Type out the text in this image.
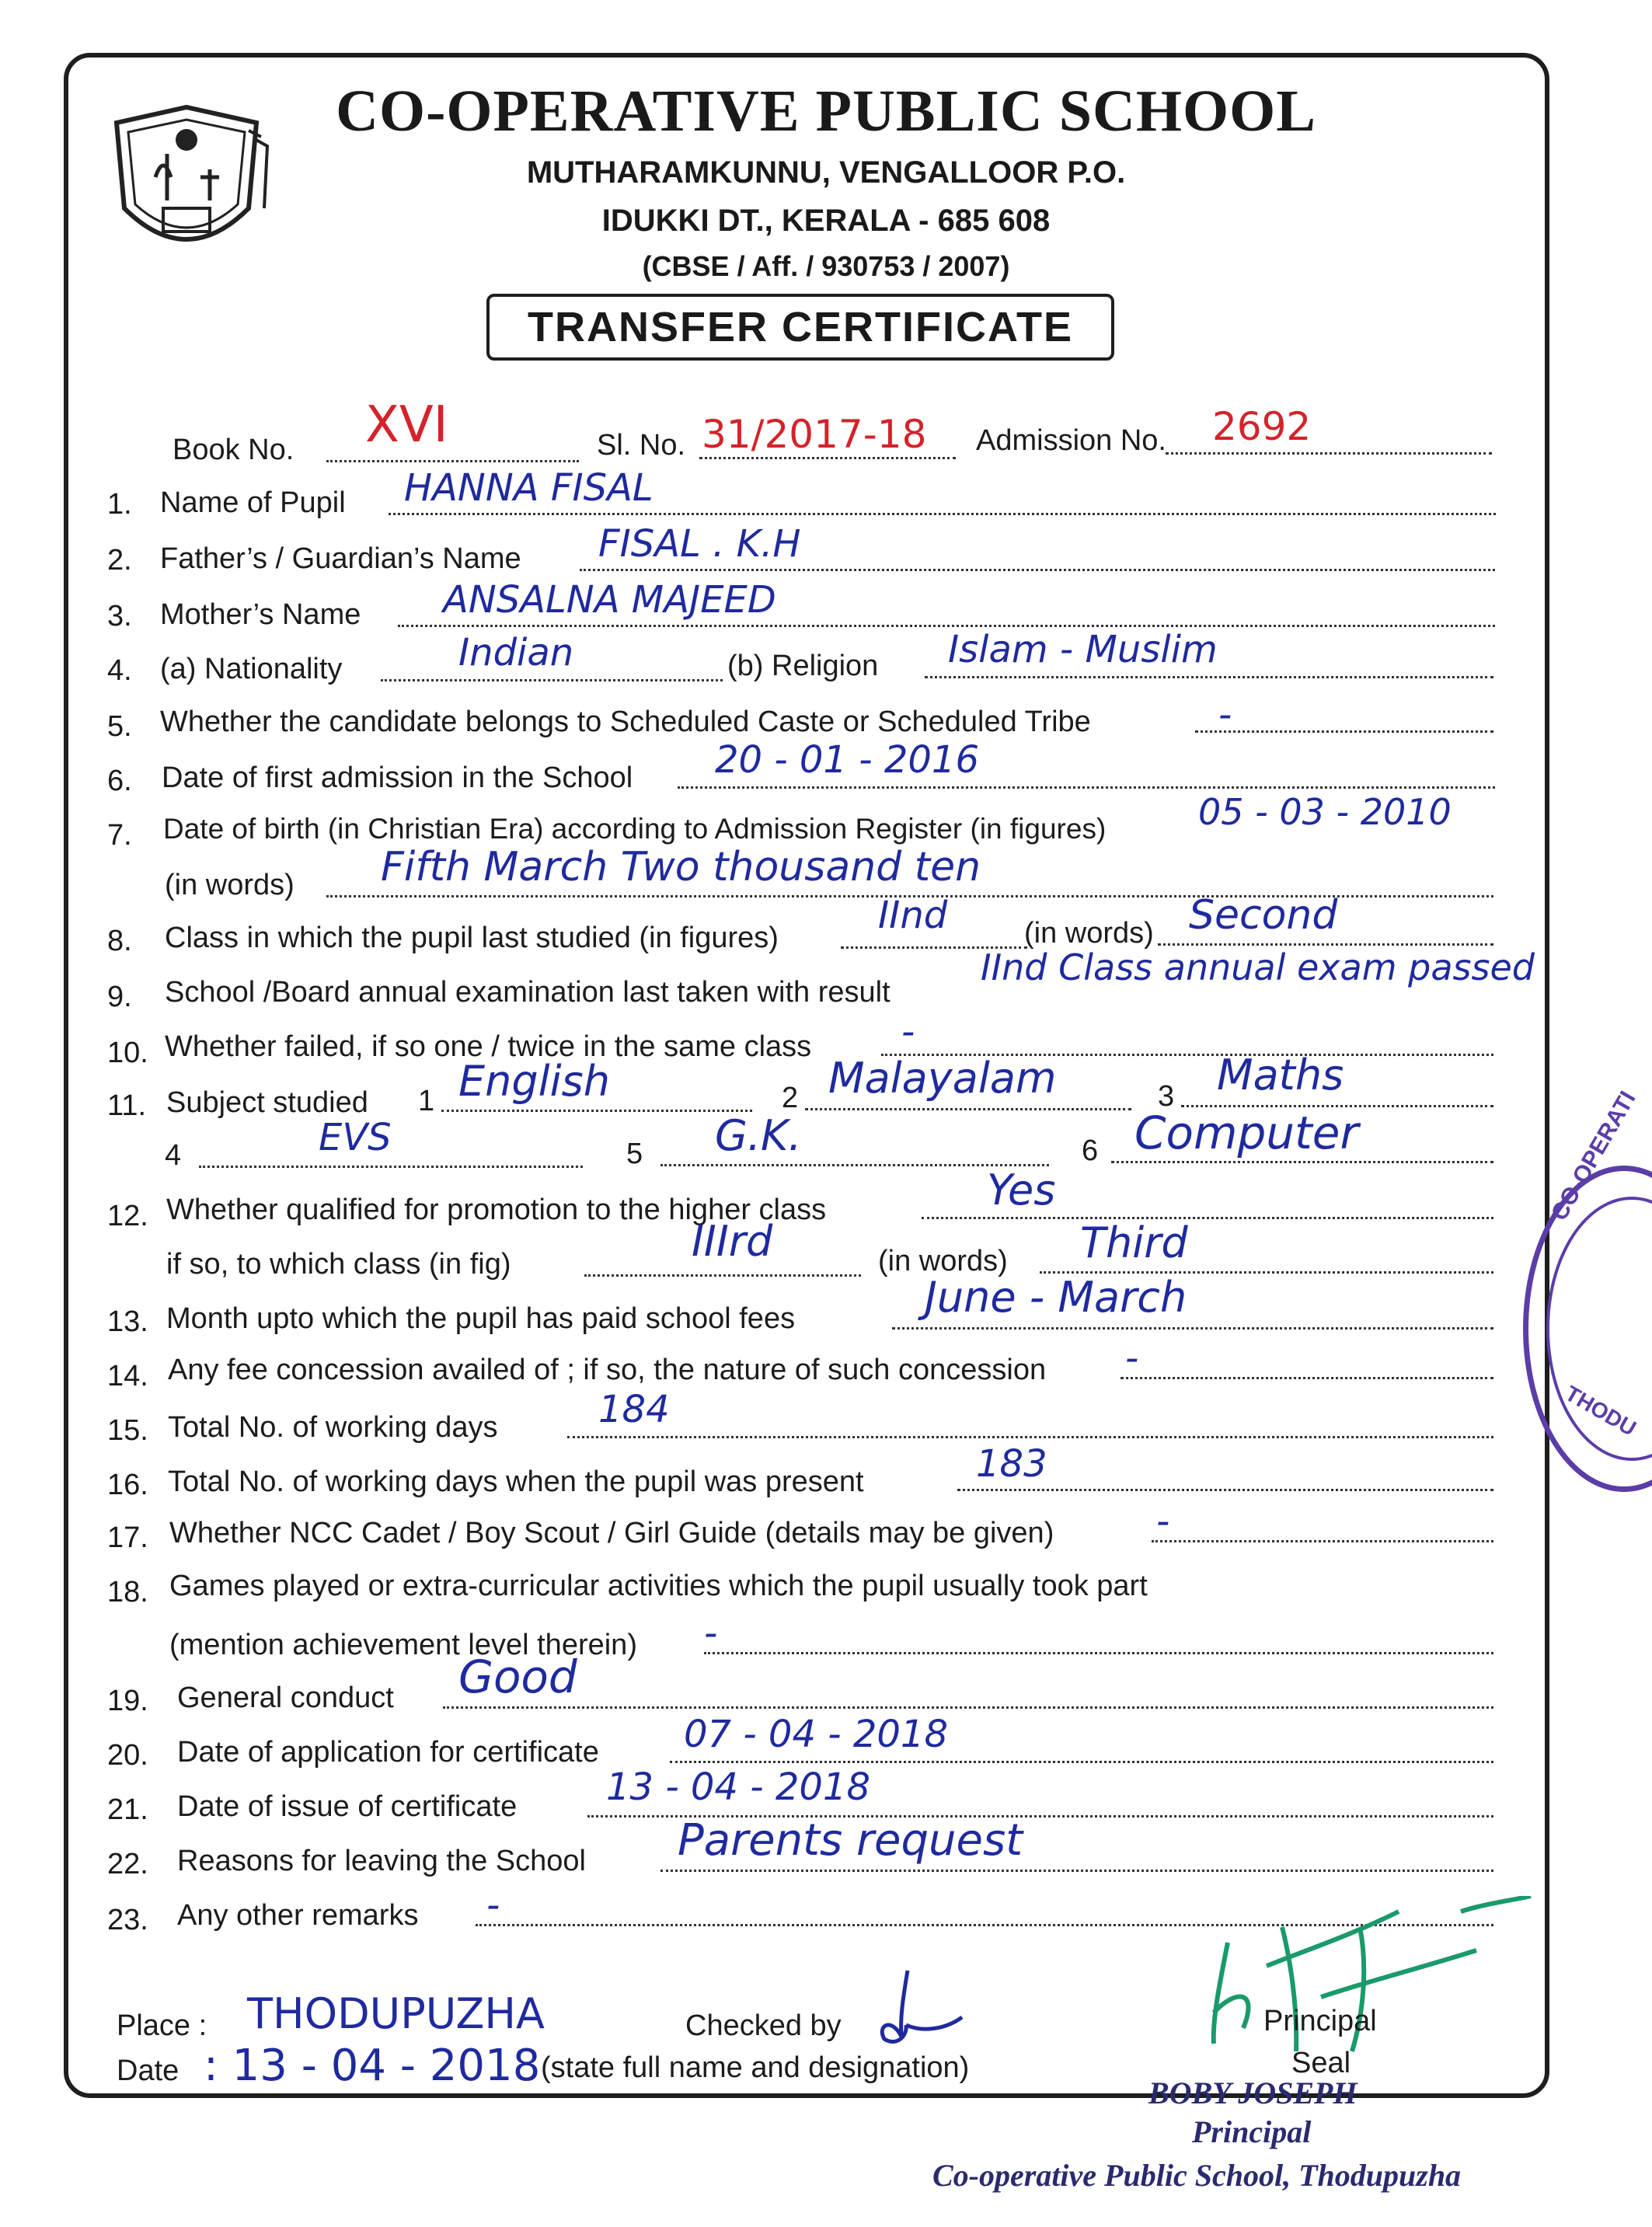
CO-OPERATIVE PUBLIC SCHOOL
MUTHARAMKUNNU, VENGALLOOR P.O.
IDUKKI DT., KERALA - 685 608
(CBSE / Aff. / 930753 / 2007)
TRANSFER CERTIFICATE
Book No. XVI	Sl. No. 31/2017-18 Admission No. 2692
1. Name of Pupil HANNA FISAL
2. Father’s / Guardian’s Name FISAL . K.H
3. Mother’s Name ANSALNA MAJEED
4. (a) Nationality	Indian	(b) Religion Islam - Muslim
5. Whether the candidate belongs to Scheduled Caste or Scheduled Tribe	-
6. Date of first admission in the School 20 - 01 - 2016
7. Date of birth (in Christian Era) according to Admission Register (in figures)	05 - 03 - 2010
(in words) Fifth March Two thousand ten
8. Class in which the pupil last studied (in figures)
IInd	(in words) Second
9. School /Board annual examination last taken with result
IInd Class annual exam passed
10. Whether failed, if so one / twice in the same class -
11. Subject studied 1 English	2 Malayalam	3 Maths
4	EVS	5 G.K.	6 Computer
12. Whether qualified for promotion to the higher class	Yes
if so, to which class (in fig)	IIIrd	(in words) Third
13. Month upto which the pupil has paid school fees	June - March
14. Any fee concession availed of ; if so, the nature of such concession -
15. Total No. of working days	184
16. Total No. of working days when the pupil was present	183
17. Whether NCC Cadet / Boy Scout / Girl Guide (details may be given)	-
18. Games played or extra-curricular activities which the pupil usually took part
(mention achievement level therein) -
19. General conduct Good
20. Date of application for certificate 07 - 04 - 2018
21. Date of issue of certificate 13 - 04 - 2018
22. Reasons for leaving the School Parents request
23. Any other remarks -
Place : THODUPUZHA
Date : 13 - 04 - 2018
Checked by
(state full name and designation)
Principal
Seal
BOBY JOSEPH
Principal
Co-operative Public School, Thodupuzha
CO-OPERATI
THODU
